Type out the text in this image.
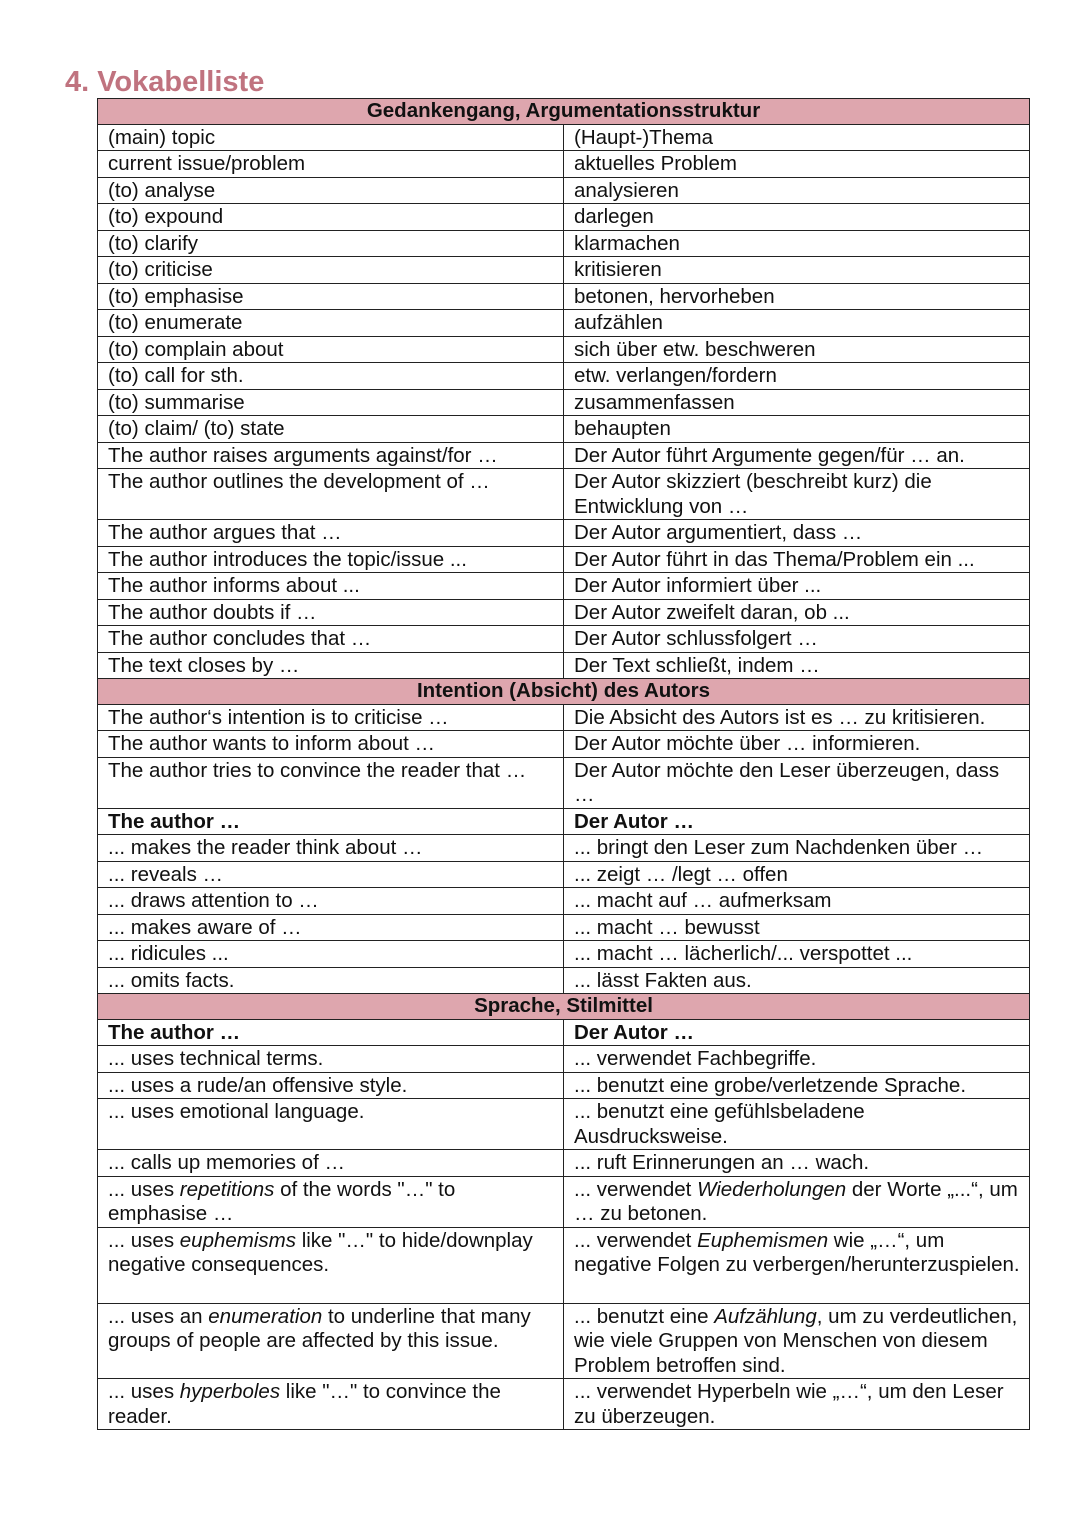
4. Vokabelliste
Gedankengang, Argumentationsstruktur	
(main) topic	(Haupt-)Thema
current issue/problem	aktuelles Problem
(to) analyse	analysieren
(to) expound	darlegen
(to) clarify	klarmachen
(to) criticise	kritisieren
(to) emphasise	betonen, hervorheben
(to) enumerate	aufzählen
(to) complain about	sich über etw. beschweren
(to) call for sth.	etw. verlangen/fordern
(to) summarise	zusammenfassen
(to) claim/ (to) state	behaupten
The author raises arguments against/for …	Der Autor führt Argumente gegen/für … an.
The author outlines the development of …	Der Autor skizziert (beschreibt kurz) die Entwicklung von …
The author argues that …	Der Autor argumentiert, dass …
The author introduces the topic/issue ...	Der Autor führt in das Thema/Problem ein ...
The author informs about ...	Der Autor informiert über ...
The author doubts if …	Der Autor zweifelt daran, ob ...
The author concludes that …	Der Autor schlussfolgert …
The text closes by …	Der Text schließt, indem …
Intention (Absicht) des Autors	
The author‘s intention is to criticise …	Die Absicht des Autors ist es … zu kritisieren.
The author wants to inform about …	Der Autor möchte über … informieren.
The author tries to convince the reader that …	Der Autor möchte den Leser überzeugen, dass …
The author …	Der Autor …
... makes the reader think about …	... bringt den Leser zum Nachdenken über …
... reveals …	... zeigt … /legt … offen
... draws attention to …	... macht auf … aufmerksam
... makes aware of …	... macht … bewusst
... ridicules ...	... macht … lächerlich/... verspottet ...
... omits facts.	... lässt Fakten aus.
Sprache, Stilmittel	
The author …	Der Autor …
... uses technical terms.	... verwendet Fachbegriffe.
... uses a rude/an offensive style.	... benutzt eine grobe/verletzende Sprache.
... uses emotional language.	... benutzt eine gefühlsbeladene Ausdrucksweise.
... calls up memories of …	... ruft Erinnerungen an … wach.
... uses repetitions of the words "…" to emphasise …	... verwendet Wiederholungen der Worte „...“, um … zu betonen.
... uses euphemisms like "…" to hide/downplay negative consequences.	... verwendet Euphemismen wie „…“, um negative Folgen zu verbergen/herunterzuspielen.
... uses an enumeration to underline that many groups of people are affected by this issue.	... benutzt eine Aufzählung, um zu verdeutlichen, wie viele Gruppen von Menschen von diesem Problem betroffen sind.
... uses hyperboles like "…" to convince the reader.	... verwendet Hyperbeln wie „…“, um den Leser zu überzeugen.
